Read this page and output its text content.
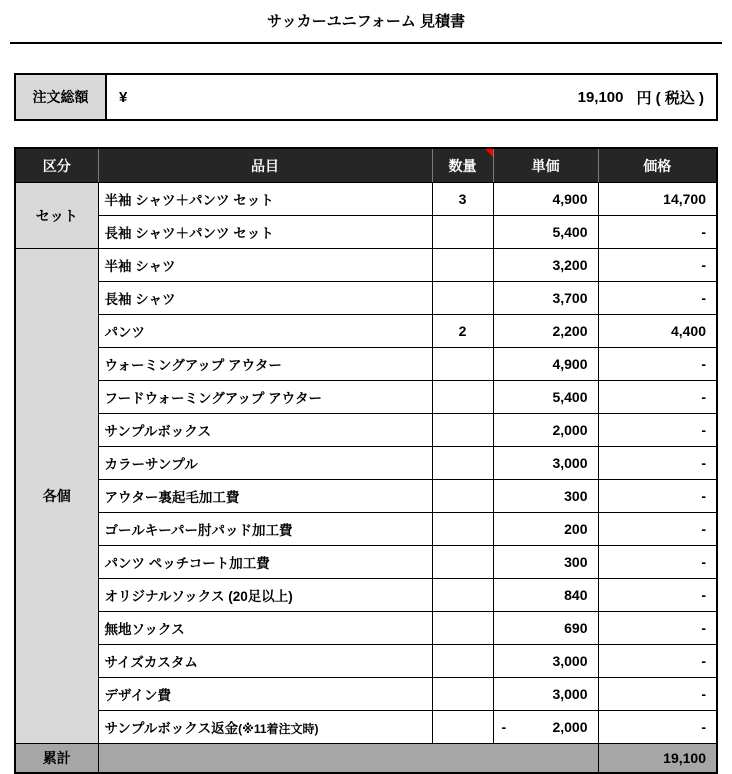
サッカーユニフォーム 見積書
注文総額	¥	19,100 円 ( 税込 )
区分	品目	数量	単価	価格
セット	半袖 シャツ＋パンツ セット	3	4,900	14,700
	長袖 シャツ＋パンツ セット		5,400	-
各個	半袖 シャツ		3,200	-
	長袖 シャツ		3,700	-
	パンツ	2	2,200	4,400
	ウォーミングアップ アウター		4,900	-
	フードウォーミングアップ アウター		5,400	-
	サンプルボックス		2,000	-
	カラーサンプル		3,000	-
	アウター裏起毛加工費		300	-
	ゴールキーパー肘パッド加工費		200	-
	パンツ ペッチコート加工費		300	-
	オリジナルソックス (20足以上)		840	-
	無地ソックス		690	-
	サイズカスタム		3,000	-
	デザイン費		3,000	-
	サンプルボックス返金(※11着注文時)		- 2,000	-
累計				19,100
